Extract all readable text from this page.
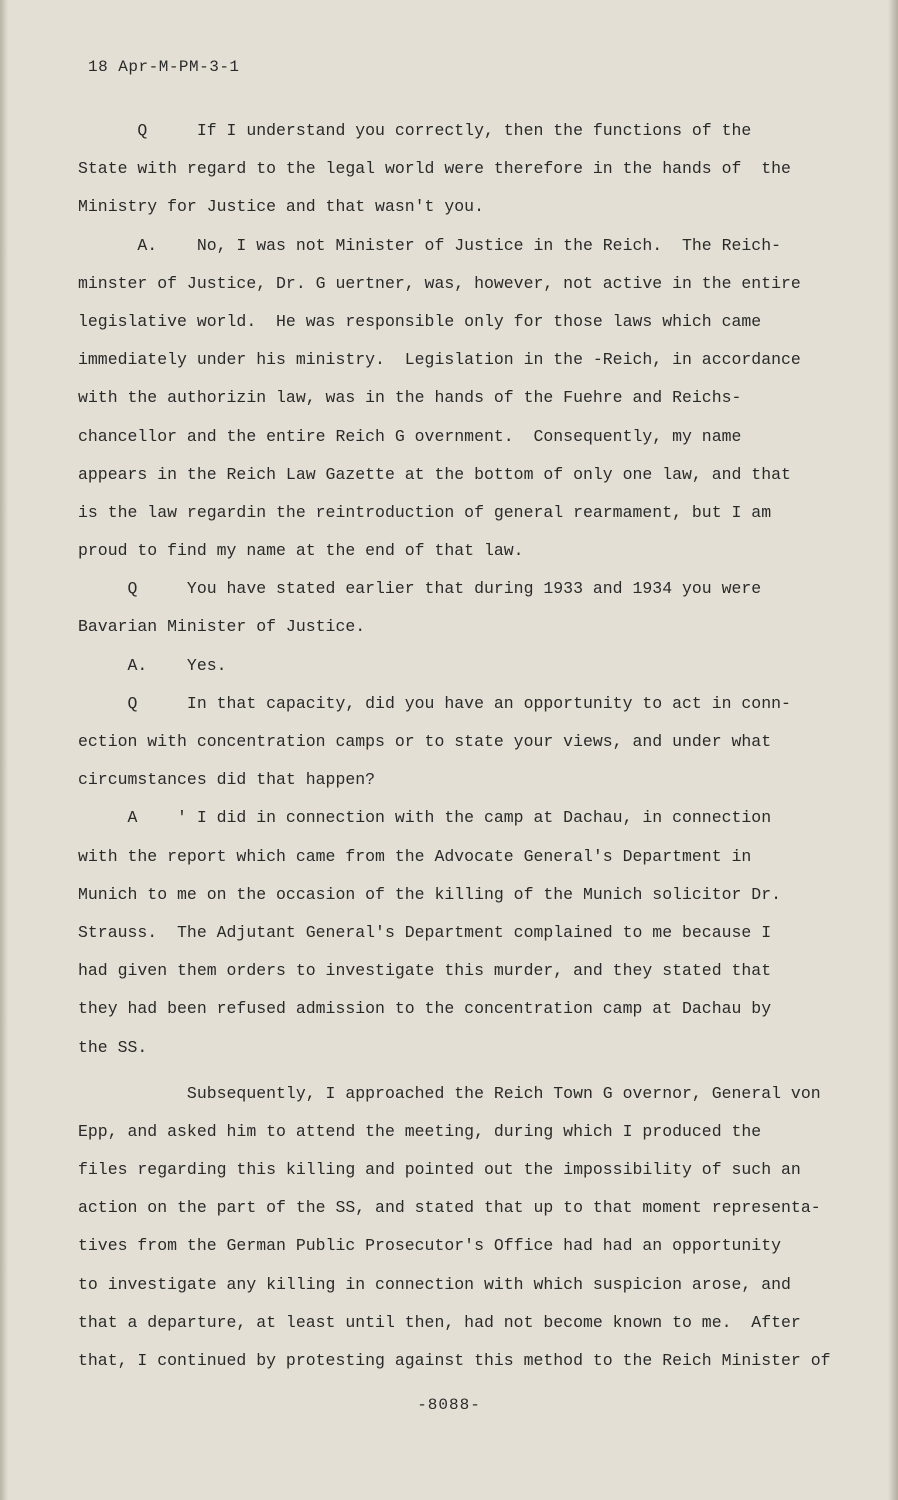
18 Apr-M-PM-3-1
Q     If I understand you correctly, then the functions of the
State with regard to the legal world were therefore in the hands of  the
Ministry for Justice and that wasn't you.
A.    No, I was not Minister of Justice in the Reich.  The Reich-
minster of Justice, Dr. G uertner, was, however, not active in the entire
legislative world.  He was responsible only for those laws which came
immediately under his ministry.  Legislation in the -Reich, in accordance
with the authorizin law, was in the hands of the Fuehre and Reichs-
chancellor and the entire Reich G overnment.  Consequently, my name
appears in the Reich Law Gazette at the bottom of only one law, and that
is the law regardin the reintroduction of general rearmament, but I am
proud to find my name at the end of that law.
Q     You have stated earlier that during 1933 and 1934 you were
Bavarian Minister of Justice.
A.    Yes.
Q     In that capacity, did you have an opportunity to act in conn-
ection with concentration camps or to state your views, and under what
circumstances did that happen?
A    ' I did in connection with the camp at Dachau, in connection
with the report which came from the Advocate General's Department in
Munich to me on the occasion of the killing of the Munich solicitor Dr.
Strauss.  The Adjutant General's Department complained to me because I
had given them orders to investigate this murder, and they stated that
they had been refused admission to the concentration camp at Dachau by
the SS.
Subsequently, I approached the Reich Town G overnor, General von
Epp, and asked him to attend the meeting, during which I produced the
files regarding this killing and pointed out the impossibility of such an
action on the part of the SS, and stated that up to that moment representa-
tives from the German Public Prosecutor's Office had had an opportunity
to investigate any killing in connection with which suspicion arose, and
that a departure, at least until then, had not become known to me.  After
that, I continued by protesting against this method to the Reich Minister of
-8088-
